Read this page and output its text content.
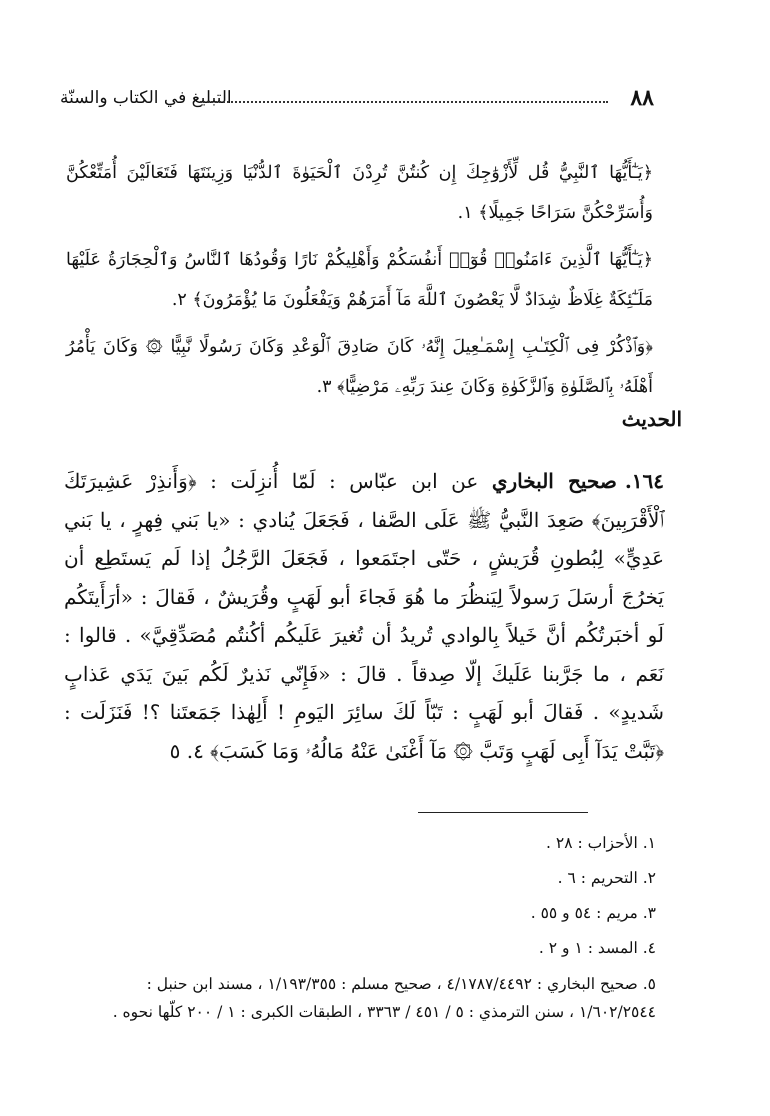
التبليغ في الكتاب والسنّة	٨٨

﴿يَـٰٓأَيُّهَا ٱلنَّبِيُّ قُل لِّأَزْوَٰجِكَ إِن كُنتُنَّ تُرِدْنَ ٱلْحَيَوٰةَ ٱلدُّنْيَا وَزِينَتَهَا فَتَعَالَيْنَ أُمَتِّعْكُنَّ وَأُسَرِّحْكُنَّ سَرَاحًا جَمِيلًا﴾ ١.

﴿يَـٰٓأَيُّهَا ٱلَّذِينَ ءَامَنُوا۟ قُوٓا۟ أَنفُسَكُمْ وَأَهْلِيكُمْ نَارًا وَقُودُهَا ٱلنَّاسُ وَٱلْحِجَارَةُ عَلَيْهَا مَلَـٰٓئِكَةٌ غِلَاظٌ شِدَادٌ لَّا يَعْصُونَ ٱللَّهَ مَآ أَمَرَهُمْ وَيَفْعَلُونَ مَا يُؤْمَرُونَ﴾ ٢.

﴿وَٱذْكُرْ فِى ٱلْكِتَـٰبِ إِسْمَـٰعِيلَ إِنَّهُۥ كَانَ صَادِقَ ٱلْوَعْدِ وَكَانَ رَسُولًا نَّبِيًّا ۞ وَكَانَ يَأْمُرُ أَهْلَهُۥ بِٱلصَّلَوٰةِ وَٱلزَّكَوٰةِ وَكَانَ عِندَ رَبِّهِۦ مَرْضِيًّا﴾ ٣.

الحديث

١٦٤.صحيح البخاري عن ابن عبّاس : لَمّا أُنزِلَت : ﴿وَأَنذِرْ عَشِيرَتَكَ ٱلْأَقْرَبِينَ﴾ صَعِدَ النَّبيُّ ﷺ عَلَى الصَّفا ، فَجَعَلَ يُنادي : «يا بَني فِهرٍ ، يا بَني عَدِيٍّ» لِبُطونِ قُرَيشٍ ، حَتّى اجتَمَعوا ، فَجَعَلَ الرَّجُلُ إذا لَم يَستَطِع أن يَخرُجَ أرسَلَ رَسولاً لِيَنظُرَ ما هُوَ فَجاءَ أبو لَهَبٍ وقُرَيشٌ ، فَقالَ : «أرَأَيتَكُم لَو أخبَرتُكُم أنَّ خَيلاً بِالوادي تُريدُ أن تُغيرَ عَلَيكُم أكُنتُم مُصَدِّقِيَّ» . قالوا : نَعَم ، ما جَرَّبنا عَلَيكَ إلّا صِدقاً . قالَ : «فَإِنّي نَذيرٌ لَكُم بَينَ يَدَي عَذابٍ شَديدٍ» . فَقالَ أبو لَهَبٍ : تَبّاً لَكَ سائِرَ اليَومِ ! أَلِهٰذا جَمَعتَنا ؟! فَنَزَلَت : ﴿تَبَّتْ يَدَآ أَبِى لَهَبٍ وَتَبَّ ۞ مَآ أَغْنَىٰ عَنْهُ مَالُهُۥ وَمَا كَسَبَ﴾ ٤. ٥

١. الأحزاب : ٢٨ .
٢. التحريم : ٦ .
٣. مريم : ٥٤ و ٥٥ .
٤. المسد : ١ و ٢ .
٥. صحيح البخاري : ٤/١٧٨٧/٤٤٩٢ ، صحيح مسلم : ١/١٩٣/٣٥٥ ، مسند ابن حنبل : ١/٦٠٢/٢٥٤٤ ، سنن الترمذي : ٥ / ٤٥١ / ٣٣٦٣ ، الطبقات الكبرى : ١ / ٢٠٠ كلّها نحوه .
